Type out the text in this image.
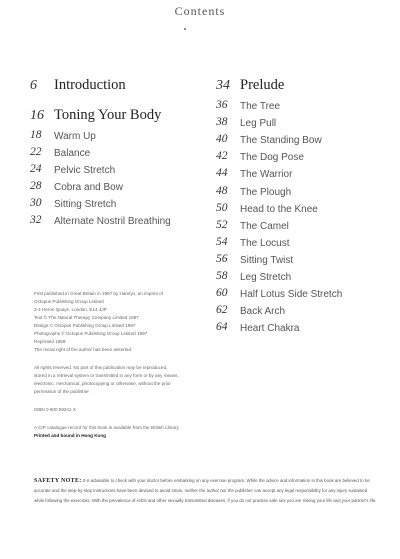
Contents
6 Introduction
16 Toning Your Body
18 Warm Up
22 Balance
24 Pelvic Stretch
28 Cobra and Bow
30 Sitting Stretch
32 Alternate Nostril Breathing
34 Prelude
36 The Tree
38 Leg Pull
40 The Standing Bow
42 The Dog Pose
44 The Warrior
48 The Plough
50 Head to the Knee
52 The Camel
54 The Locust
56 Sitting Twist
58 Leg Stretch
60 Half Lotus Side Stretch
62 Back Arch
64 Heart Chakra

First published in Great Britain in 1997 by Hamlyn, an imprint of

Octopus Publishing Group Limited

2-4 Heron Quays, London, E14 4JP

Text © The Natural Therapy Company Limited 1997

Design © Octopus Publishing Group Limited 1997

Photographs © Octopus Publishing Group Limited 1997

Reprinted 1999

The moral right of the author has been asserted

All rights reserved. No part of this publication may be reproduced,

stored in a retrieval system or transmitted in any form or by any means,

electronic, mechanical, photocopying or otherwise, without the prior

permission of the publisher

ISBN 0 600 59241 X

A CIP catalogue record for this book is available from the British Library

Printed and bound in Hong Kong

SAFETY NOTE: It is advisable to check with your doctor before embarking on any exercise program. While the advice and information in this book are believed to be
accurate and the step-by-step instructions have been devised to avoid strain, neither the author nor the publisher can accept any legal responsibility for any injury sustained
while following the exercises. With the prevalence of AIDS and other sexually transmitted diseases, if you do not practise safe sex you are risking your life and your partner's life.
